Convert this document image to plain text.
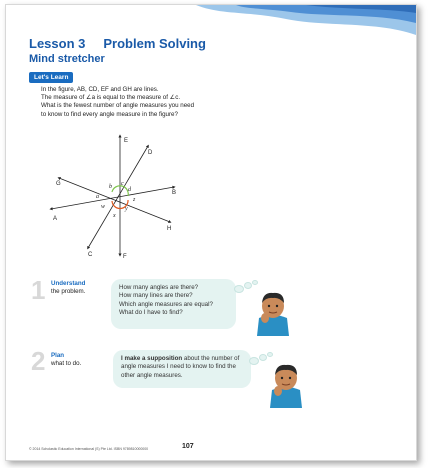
Lesson 3 Problem Solving
Mind stretcher
Let's Learn
In the figure, AB, CD, EF and GH are lines.
The measure of ∠a is equal to the measure of ∠c.
What is the fewest number of angle measures you need
to know to find every angle measure in the figure?
E
D
G
B
A
H
C	F
a
b c
d
z
y
x
w
1 Understand
the problem.
How many angles are there?
How many lines are there?
Which angle measures are equal?
What do I have to find?
2 Plan
what to do.
I make a supposition about the number of angle measures I need to know to find the other angle measures.
© 2014 Scholastic Education International (S) Pte Ltd. ISBN 9789810000000	107
